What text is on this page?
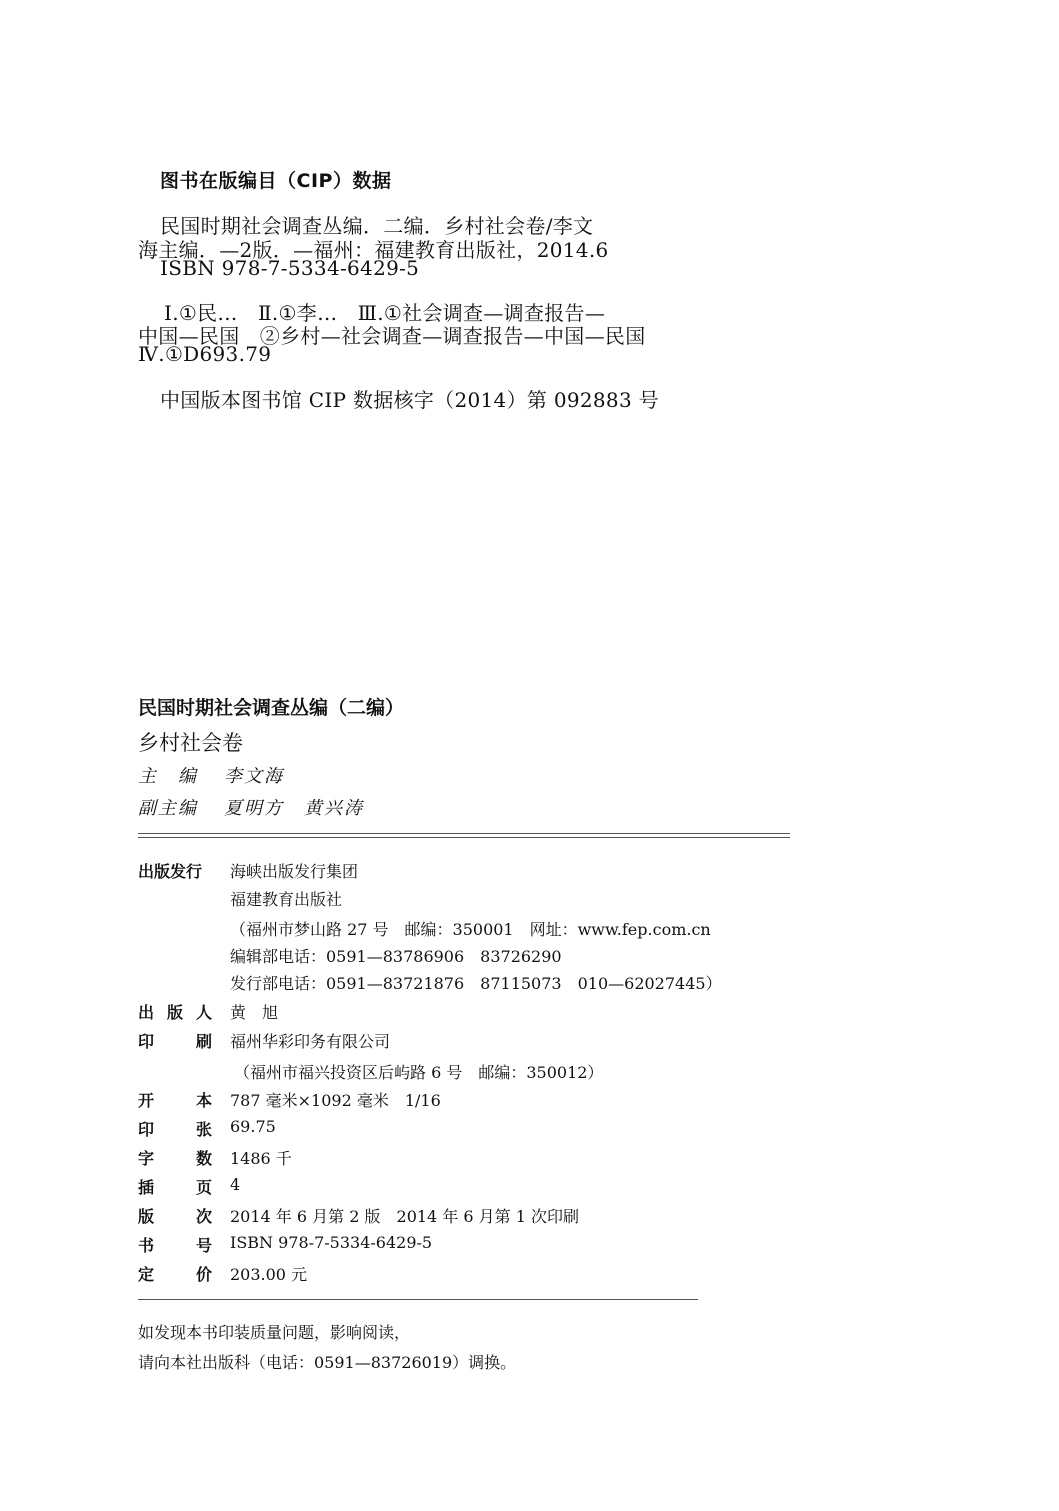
图书在版编目（CIP）数据
民国时期社会调查丛编．二编．乡村社会卷/李文
海主编．—2版．—福州：福建教育出版社，2014.6
ISBN 978-7-5334-6429-5
Ⅰ.①民…　Ⅱ.①李…　Ⅲ.①社会调查—调查报告—
中国—民国　②乡村—社会调查—调查报告—中国—民国
Ⅳ.①D693.79
中国版本图书馆 CIP 数据核字（2014）第 092883 号
民国时期社会调查丛编（二编）
乡村社会卷
主　编 李文海
副主编 夏明方　黄兴涛
出版发行	海峡出版发行集团
福建教育出版社
（福州市梦山路 27 号　邮编：350001　网址：www.fep.com.cn
编辑部电话：0591—83786906　83726290
发行部电话：0591—83721876　87115073　010—62027445）
出 版 人 黄　旭
印	刷 福州华彩印务有限公司
（福州市福兴投资区后屿路 6 号　邮编：350012）
开	本 787 毫米×1092 毫米　1/16
印	张 69.75
字	数 1486 千
插	页 4
版	次 2014 年 6 月第 2 版　2014 年 6 月第 1 次印刷
书	号 ISBN 978-7-5334-6429-5
定	价 203.00 元
如发现本书印装质量问题，影响阅读，
请向本社出版科（电话：0591—83726019）调换。
